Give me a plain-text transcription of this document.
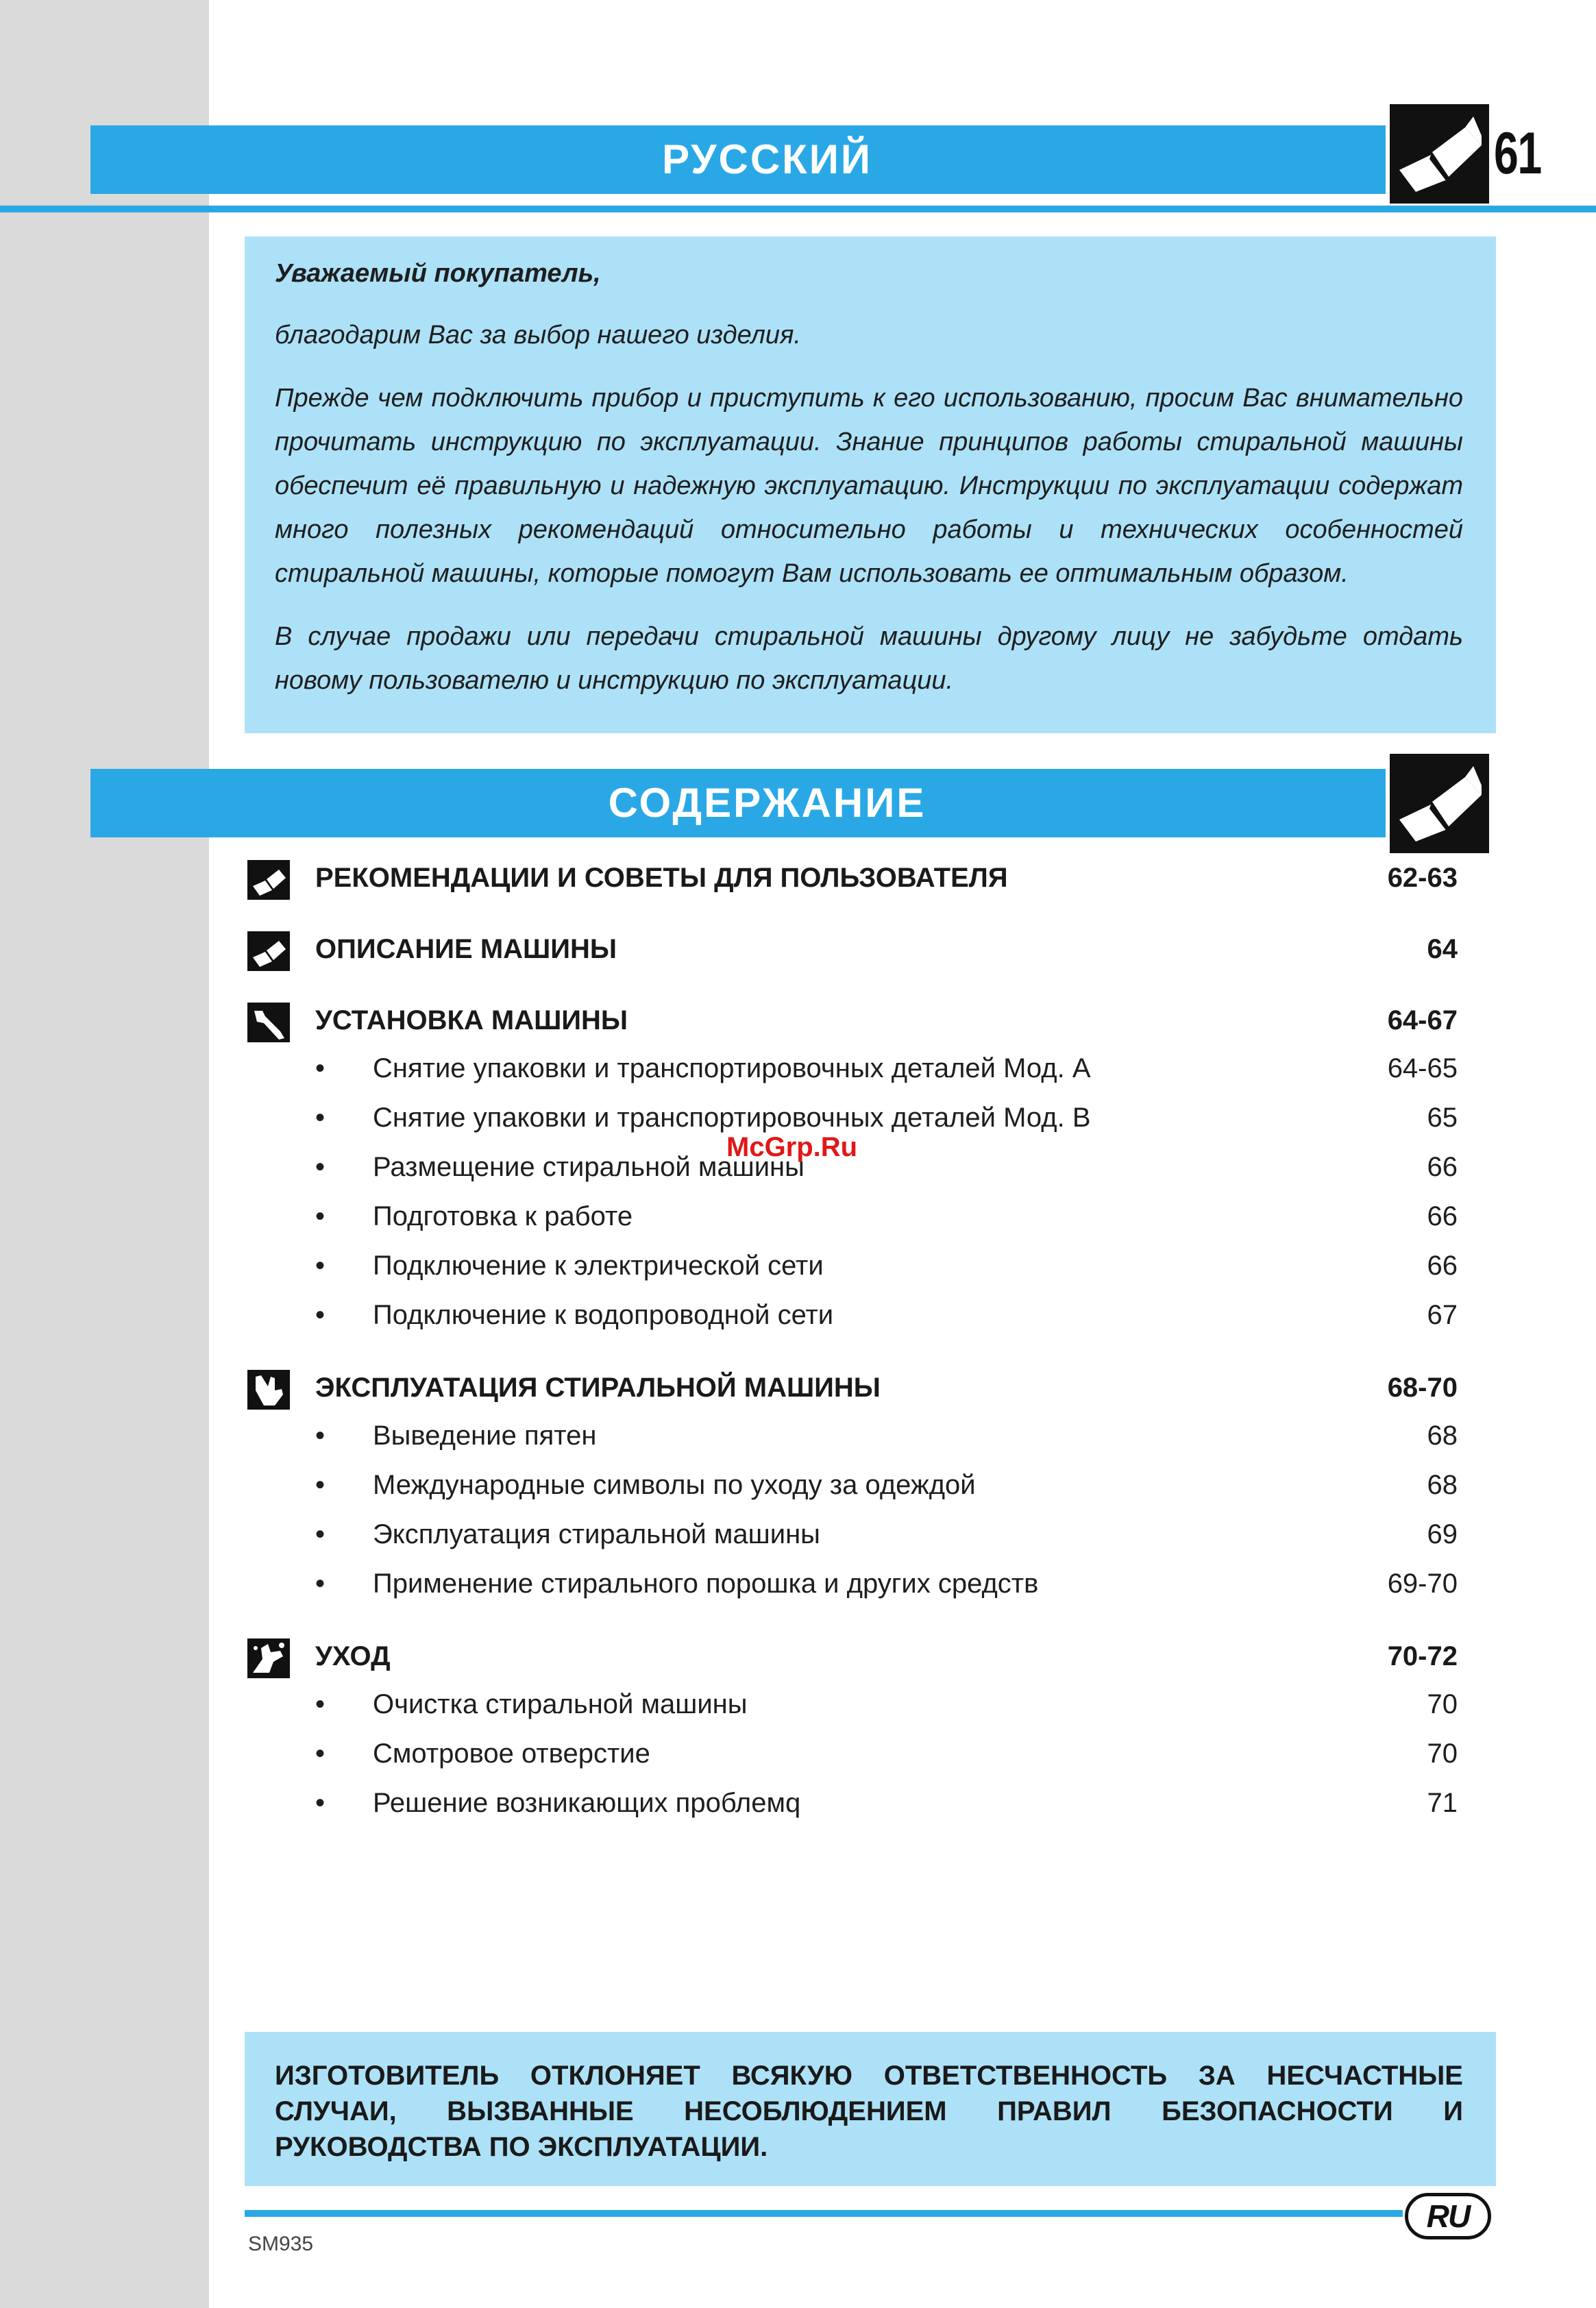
РУССКИЙ	61

Уважаемый покупатель,

благодарим Вас за выбор нашего изделия.

Прежде чем подключить прибор и приступить к его использованию, просим Вас внимательно прочитать инструкцию по эксплуатации. Знание принципов работы стиральной машины обеспечит её правильную и надежную эксплуатацию. Инструкции по эксплуатации содержат много полезных рекомендаций относительно работы и технических особенностей стиральной машины, которые помогут Вам использовать ее оптимальным образом.

В случае продажи или передачи стиральной машины другому лицу не забудьте отдать новому пользователю и инструкцию по эксплуатации.

СОДЕРЖАНИЕ
РЕКОМЕНДАЦИИ И СОВЕТЫ ДЛЯ ПОЛЬЗОВАТЕЛЯ	62-63
ОПИСАНИЕ МАШИНЫ	64
УСТАНОВКА МАШИНЫ	64-67
• Снятие упаковки и транспортировочных деталей Мод. А	64-65
• Снятие упаковки и транспортировочных деталей Мод. В	65
• Размещение стиральной машины	66
• Подготовка к работе	66
• Подключение к электрической сети	66
• Подключение к водопроводной сети	67
ЭКСПЛУАТАЦИЯ СТИРАЛЬНОЙ МАШИНЫ	68-70
• Выведение пятен	68
• Международные символы по уходу за одеждой	68
• Эксплуатация стиральной машины	69
• Применение стирального порошка и других средств	69-70
УХОД	70-72
• Очистка стиральной машины	70
• Смотровое отверстие	70
• Решение возникающих проблемq	71
McGrp.Ru

ИЗГОТОВИТЕЛЬ ОТКЛОНЯЕТ ВСЯКУЮ ОТВЕТСТВЕННОСТЬ ЗА НЕСЧАСТНЫЕ СЛУЧАИ, ВЫЗВАННЫЕ НЕСОБЛЮДЕНИЕМ ПРАВИЛ БЕЗОПАСНОСТИ И РУКОВОДСТВА ПО ЭКСПЛУАТАЦИИ.

SM935
RU
